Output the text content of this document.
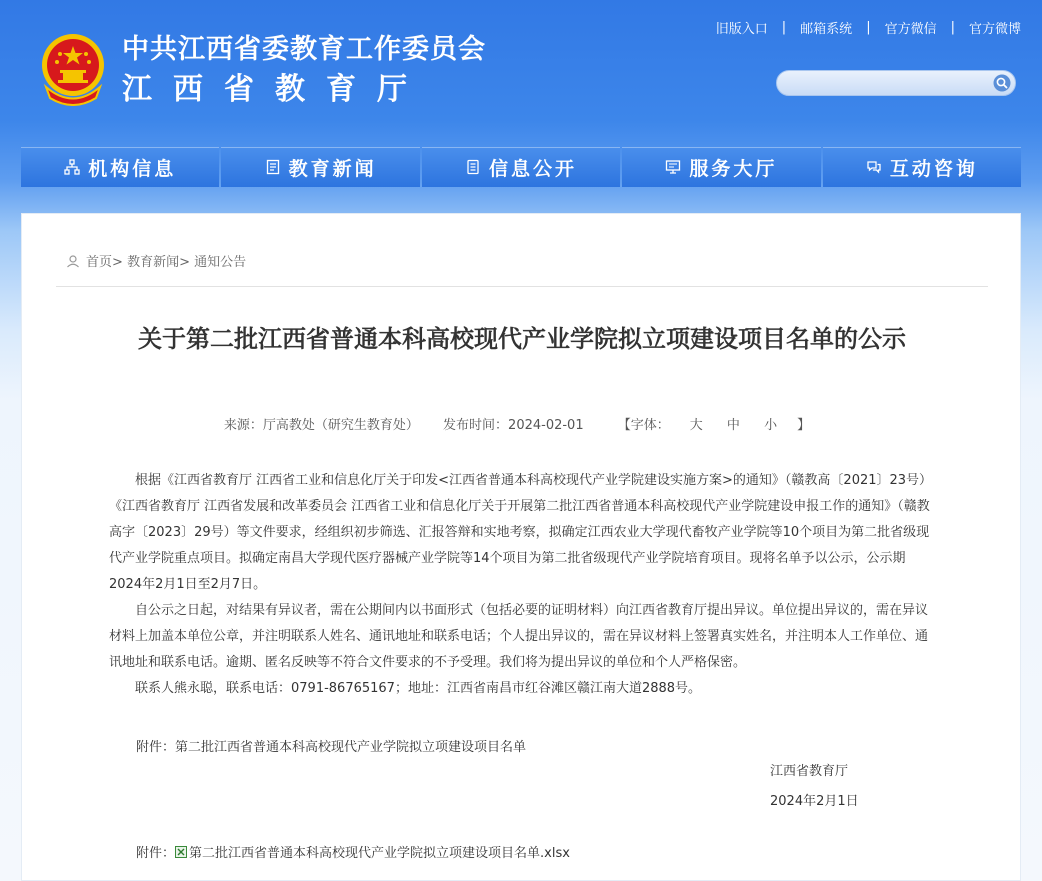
中共江西省委教育工作委员会
江西省教育厅
旧版入口 | 邮箱系统 | 官方微信 | 官方微博
机构信息	教育新闻	信息公开	服务大厅	互动咨询
首页> 教育新闻> 通知公告
关于第二批江西省普通本科高校现代产业学院拟立项建设项目名单的公示
来源：厅高教处（研究生教育处） 发布时间：2024-02-01	【字体： 大 中 小 】

根据《江西省教育厅 江西省工业和信息化厅关于印发<江西省普通本科高校现代产业学院建设实施方案>的通知》（赣教高〔2021〕23号）《江西省教育厅 江西省发展和改革委员会 江西省工业和信息化厅关于开展第二批江西省普通本科高校现代产业学院建设申报工作的通知》（赣教高字〔2023〕29号）等文件要求，经组织初步筛选、汇报答辩和实地考察，拟确定江西农业大学现代畜牧产业学院等10个项目为第二批省级现代产业学院重点项目。拟确定南昌大学现代医疗器械产业学院等14个项目为第二批省级现代产业学院培育项目。现将名单予以公示，公示期2024年2月1日至2月7日。

自公示之日起，对结果有异议者，需在公期间内以书面形式（包括必要的证明材料）向江西省教育厅提出异议。单位提出异议的，需在异议材料上加盖本单位公章，并注明联系人姓名、通讯地址和联系电话；个人提出异议的，需在异议材料上签署真实姓名，并注明本人工作单位、通讯地址和联系电话。逾期、匿名反映等不符合文件要求的不予受理。我们将为提出异议的单位和个人严格保密。

联系人熊永聪，联系电话：0791-86765167；地址：江西省南昌市红谷滩区赣江南大道2888号。

附件：第二批江西省普通本科高校现代产业学院拟立项建设项目名单
江西省教育厅
2024年2月1日
附件： 第二批江西省普通本科高校现代产业学院拟立项建设项目名单.xlsx
